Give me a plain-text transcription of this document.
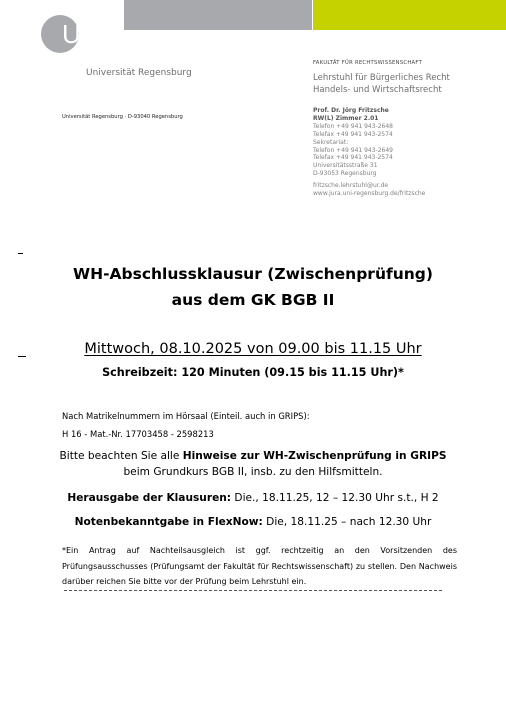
UR
Universität Regensburg
Universität Regensburg · D-93040 Regensburg
FAKULTÄT FÜR RECHTSWISSENSCHAFT
Lehrstuhl für Bürgerliches Recht
Handels- und Wirtschaftsrecht
Prof. Dr. Jörg Fritzsche
RW(L) Zimmer 2.01
Telefon +49 941 943-2648
Telefax +49 941 943-2574
Sekretariat:
Telefon +49 941 943-2649
Telefax +49 941 943-2574
Universitätsstraße 31
D-93053 Regensburg
fritzsche.lehrstuhl@ur.de
www.jura.uni-regensburg.de/fritzsche
WH-Abschlussklausur (Zwischenprüfung)
aus dem GK BGB II
Mittwoch, 08.10.2025 von 09.00 bis 11.15 Uhr
Schreibzeit: 120 Minuten (09.15 bis 11.15 Uhr)*
Nach Matrikelnummern im Hörsaal (Einteil. auch in GRIPS):
H 16 - Mat.-Nr. 17703458 - 2598213
Bitte beachten Sie alle Hinweise zur WH-Zwischenprüfung in GRIPS
beim Grundkurs BGB II, insb. zu den Hilfsmitteln.
Herausgabe der Klausuren: Die., 18.11.25, 12 – 12.30 Uhr s.t., H 2
Notenbekanntgabe in FlexNow: Die, 18.11.25 – nach 12.30 Uhr
*Ein Antrag auf Nachteilsausgleich ist ggf. rechtzeitig an den Vorsitzenden des Prüfungsausschusses (Prüfungsamt der Fakultät für Rechtswissenschaft) zu stellen. Den Nachweis darüber reichen Sie bitte vor der Prüfung beim Lehrstuhl ein.
